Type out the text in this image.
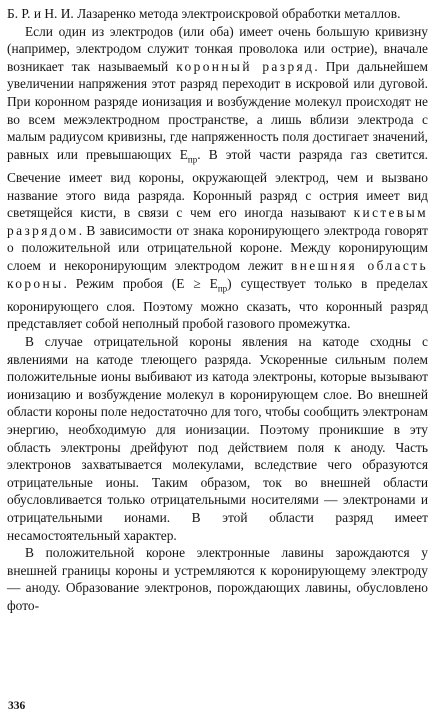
Б. Р. и Н. И. Лазаренко метода электроискровой обработки металлов.

Если один из электродов (или оба) имеет очень большую кривизну (например, электродом служит тонкая проволока или острие), вначале возникает так называемый коронный разряд. При дальнейшем увеличении напряжения этот разряд переходит в искровой или дуговой. При коронном разряде ионизация и возбуждение молекул происходят не во всем межэлектродном пространстве, а лишь вблизи электрода с малым радиусом кривизны, где напряженность поля достигает значений, равных или превышающих $E_{пр}$. В этой части разряда газ светится. Свечение имеет вид короны, окружающей электрод, чем и вызвано название этого вида разряда. Коронный разряд с острия имеет вид светящейся кисти, в связи с чем его иногда называют кистевым разрядом. В зависимости от знака коронирующего электрода говорят о положительной или отрицательной короне. Между коронирующим слоем и некоронирующим электродом лежит внешняя область короны. Режим пробоя $(E \ge E_{пр})$ существует только в пределах коронирующего слоя. Поэтому можно сказать, что коронный разряд представляет собой неполный пробой газового промежутка.

В случае отрицательной короны явления на катоде сходны с явлениями на катоде тлеющего разряда. Ускоренные сильным полем положительные ионы выбивают из катода электроны, которые вызывают ионизацию и возбуждение молекул в коронирующем слое. Во внешней области короны поле недостаточно для того, чтобы сообщить электронам энергию, необходимую для ионизации. Поэтому проникшие в эту область электроны дрейфуют под действием поля к аноду. Часть электронов захватывается молекулами, вследствие чего образуются отрицательные ионы. Таким образом, ток во внешней области обусловливается только отрицательными носителями — электронами и отрицательными ионами. В этой области разряд имеет несамостоятельный характер.

В положительной короне электронные лавины зарождаются у внешней границы короны и устремляются к коронирующему электроду — аноду. Образование электронов, порождающих лавины, обусловлено фото-

336
